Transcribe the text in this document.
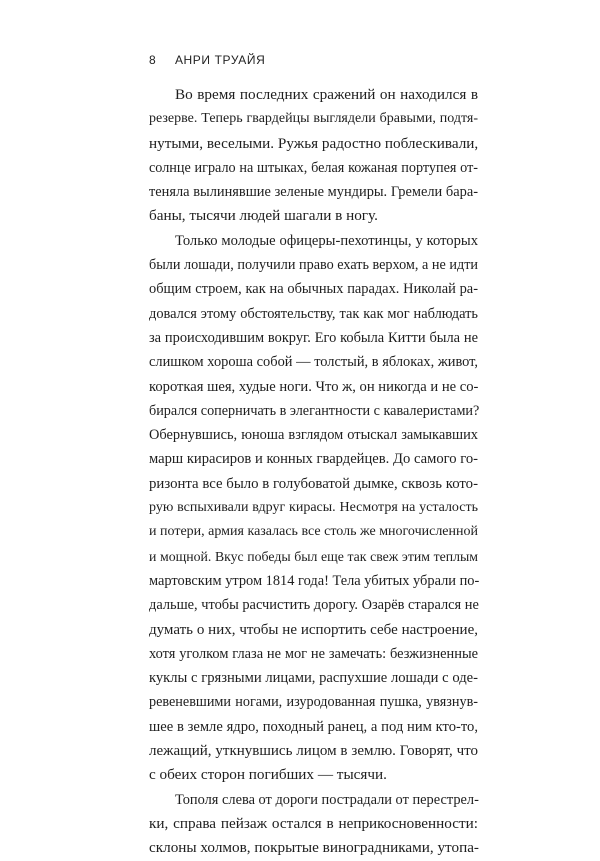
8 АНРИ ТРУАЙЯ
Во время последних сражений он находился в
резерве. Теперь гвардейцы выглядели бравыми, подтя-
нутыми, веселыми. Ружья радостно поблескивали,
солнце играло на штыках, белая кожаная портупея от-
теняла вылинявшие зеленые мундиры. Гремели бара-
баны, тысячи людей шагали в ногу.
Только молодые офицеры-пехотинцы, у которых
были лошади, получили право ехать верхом, а не идти
общим строем, как на обычных парадах. Николай ра-
довался этому обстоятельству, так как мог наблюдать
за происходившим вокруг. Его кобыла Китти была не
слишком хороша собой — толстый, в яблоках, живот,
короткая шея, худые ноги. Что ж, он никогда и не со-
бирался соперничать в элегантности с кавалеристами?
Обернувшись, юноша взглядом отыскал замыкавших
марш кирасиров и конных гвардейцев. До самого го-
ризонта все было в голубоватой дымке, сквозь кото-
рую вспыхивали вдруг кирасы. Несмотря на усталость
и потери, армия казалась все столь же многочисленной
и мощной. Вкус победы был еще так свеж этим теплым
мартовским утром 1814 года! Тела убитых убрали по-
дальше, чтобы расчистить дорогу. Озарёв старался не
думать о них, чтобы не испортить себе настроение,
хотя уголком глаза не мог не замечать: безжизненные
куклы с грязными лицами, распухшие лошади с оде-
ревеневшими ногами, изуродованная пушка, увязнув-
шее в земле ядро, походный ранец, а под ним кто-то,
лежащий, уткнувшись лицом в землю. Говорят, что
с обеих сторон погибших — тысячи.
Тополя слева от дороги пострадали от перестрел-
ки, справа пейзаж остался в неприкосновенности:
склоны холмов, покрытые виноградниками, утопа-
